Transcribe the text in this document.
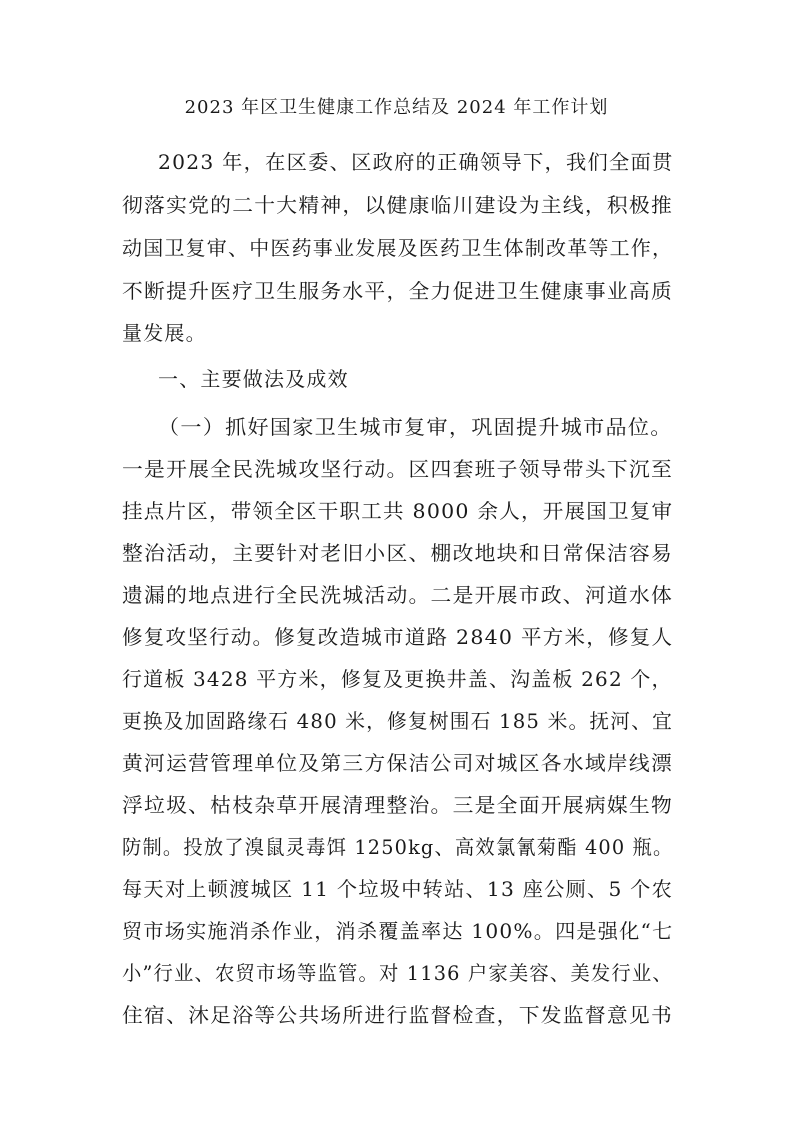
2023 年区卫生健康工作总结及 2024 年工作计划
2023 年，在区委、区政府的正确领导下，我们全面贯
彻落实党的二十大精神，以健康临川建设为主线，积极推
动国卫复审、中医药事业发展及医药卫生体制改革等工作，
不断提升医疗卫生服务水平，全力促进卫生健康事业高质
量发展。
一、主要做法及成效
（一）抓好国家卫生城市复审，巩固提升城市品位。
一是开展全民洗城攻坚行动。区四套班子领导带头下沉至
挂点片区，带领全区干职工共 8000 余人，开展国卫复审
整治活动，主要针对老旧小区、棚改地块和日常保洁容易
遗漏的地点进行全民洗城活动。二是开展市政、河道水体
修复攻坚行动。修复改造城市道路 2840 平方米，修复人
行道板 3428 平方米，修复及更换井盖、沟盖板 262 个，
更换及加固路缘石 480 米，修复树围石 185 米。抚河、宜
黄河运营管理单位及第三方保洁公司对城区各水域岸线漂
浮垃圾、枯枝杂草开展清理整治。三是全面开展病媒生物
防制。投放了溴鼠灵毒饵 1250kg、高效氯氰菊酯 400 瓶。
每天对上顿渡城区 11 个垃圾中转站、13 座公厕、5 个农
贸市场实施消杀作业，消杀覆盖率达 100%。四是强化“七
小”行业、农贸市场等监管。对 1136 户家美容、美发行业、
住宿、沐足浴等公共场所进行监督检查，下发监督意见书
